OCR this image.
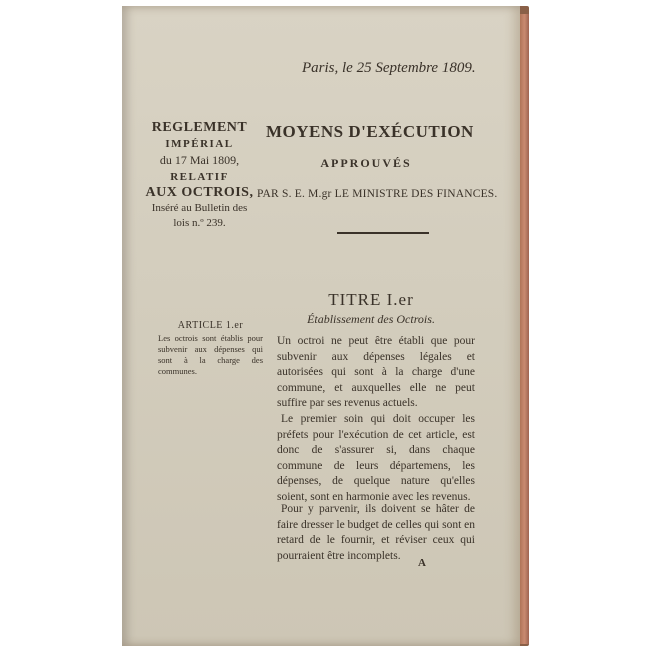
Paris, le 25 Septembre 1809.
REGLEMENT
IMPÉRIAL
du 17 Mai 1809,
RELATIF
AUX OCTROIS,
Inséré au Bulletin des
lois n.º 239.
MOYENS D'EXÉCUTION
APPROUVÉS
PAR S. E. M.gr LE MINISTRE DES FINANCES.
TITRE I.er
Établissement des Octrois.
ARTICLE 1.er
Les octrois sont établis pour subvenir aux dépenses qui sont à la charge des communes.
Un octroi ne peut être établi que pour subvenir aux dépenses légales et autorisées qui sont à la charge d'une commune, et auxquelles elle ne peut suffire par ses revenus actuels.
Le premier soin qui doit occuper les préfets pour l'exécution de cet article, est donc de s'assurer si, dans chaque commune de leurs départemens, les dépenses, de quelque nature qu'elles soient, sont en harmonie avec les revenus.
Pour y parvenir, ils doivent se hâter de faire dresser le budget de celles qui sont en retard de le fournir, et réviser ceux qui pourraient être incomplets.
A
